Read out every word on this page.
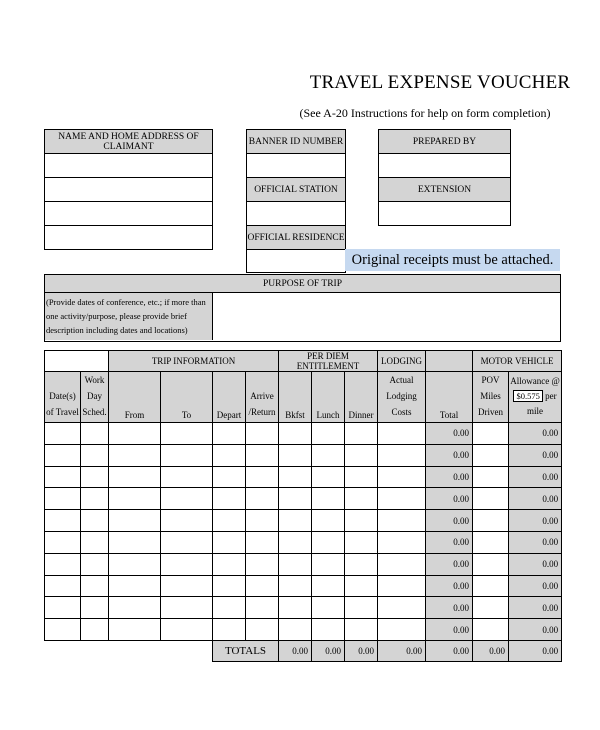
TRAVEL EXPENSE VOUCHER
(See A-20 Instructions for help on form completion)
NAME AND HOME ADDRESS OF CLAIMANT	BANNER ID NUMBER
OFFICIAL STATION
OFFICIAL RESIDENCE
PREPARED BY
EXTENSION
Original receipts must be attached.
PURPOSE OF TRIP
(Provide dates of conference, etc.; if more than one activity/purpose, please provide brief description including dates and locations)
		TRIP INFORMATION				PER DIEM ENTITLEMENT			LODGING		MOTOR VEHICLE	
Date(s) of Travel	Work Day Sched.	From	To	Depart	Arrive /Return	Bkfst	Lunch	Dinner	Actual Lodging Costs	Total	POV Miles Driven	Allowance @
$0.575 per
mile

										0.00		0.00
										0.00		0.00
										0.00		0.00
										0.00		0.00
										0.00		0.00
										0.00		0.00
										0.00		0.00
										0.00		0.00
										0.00		0.00
										0.00		0.00
				TOTALS		0.00	0.00	0.00	0.00	0.00	0.00	0.00
